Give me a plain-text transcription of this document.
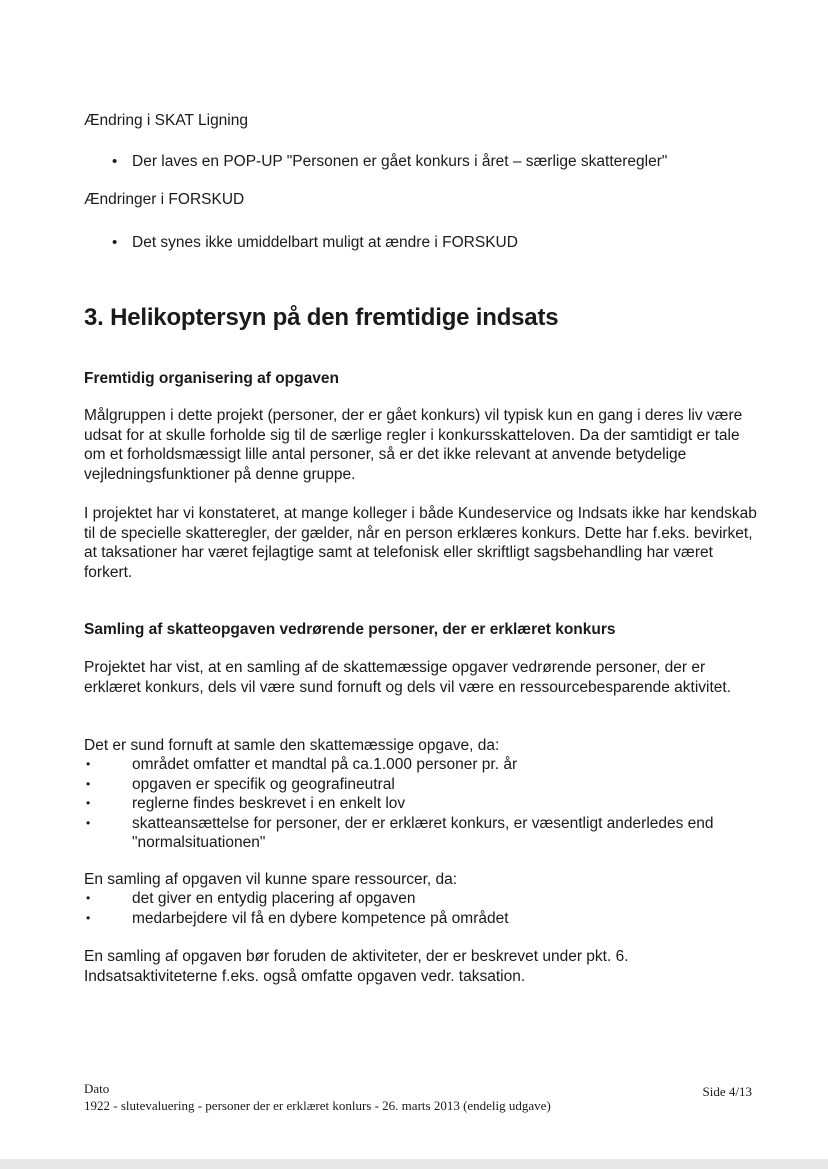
Ændring i SKAT Ligning

• Der laves en POP-UP "Personen er gået konkurs i året – særlige skatteregler"

Ændringer i FORSKUD

• Det synes ikke umiddelbart muligt at ændre i FORSKUD

3. Helikoptersyn på den fremtidige indsats
Fremtidig organisering af opgaven

Målgruppen i dette projekt (personer, der er gået konkurs) vil typisk kun en gang i deres liv være udsat for at skulle forholde sig til de særlige regler i konkursskatteloven. Da der samtidigt er tale om et forholdsmæssigt lille antal personer, så er det ikke relevant at anvende betydelige vejledningsfunktioner på denne gruppe.

I projektet har vi konstateret, at mange kolleger i både Kundeservice og Indsats ikke har kendskab til de specielle skatteregler, der gælder, når en person erklæres konkurs. Dette har f.eks. bevirket, at taksationer har været fejlagtige samt at telefonisk eller skriftligt sagsbehandling har været forkert.

Samling af skatteopgaven vedrørende personer, der er erklæret konkurs

Projektet har vist, at en samling af de skattemæssige opgaver vedrørende personer, der er erklæret konkurs, dels vil være sund fornuft og dels vil være en ressourcebesparende aktivitet.

Det er sund fornuft at samle den skattemæssige opgave, da:

•	området omfatter et mandtal på ca.1.000 personer pr. år
•	opgaven er specifik og geografineutral
•	reglerne findes beskrevet i en enkelt lov
•	skatteansættelse for personer, der er erklæret konkurs, er væsentligt anderledes end "normalsituationen"

En samling af opgaven vil kunne spare ressourcer, da:

•	det giver en entydig placering af opgaven
•	medarbejdere vil få en dybere kompetence på området

En samling af opgaven bør foruden de aktiviteter, der er beskrevet under pkt. 6. Indsatsaktiviteterne f.eks. også omfatte opgaven vedr. taksation.

Dato
1922 - slutevaluering - personer der er erklæret konlurs - 26. marts 2013 (endelig udgave)

Side 4/13
